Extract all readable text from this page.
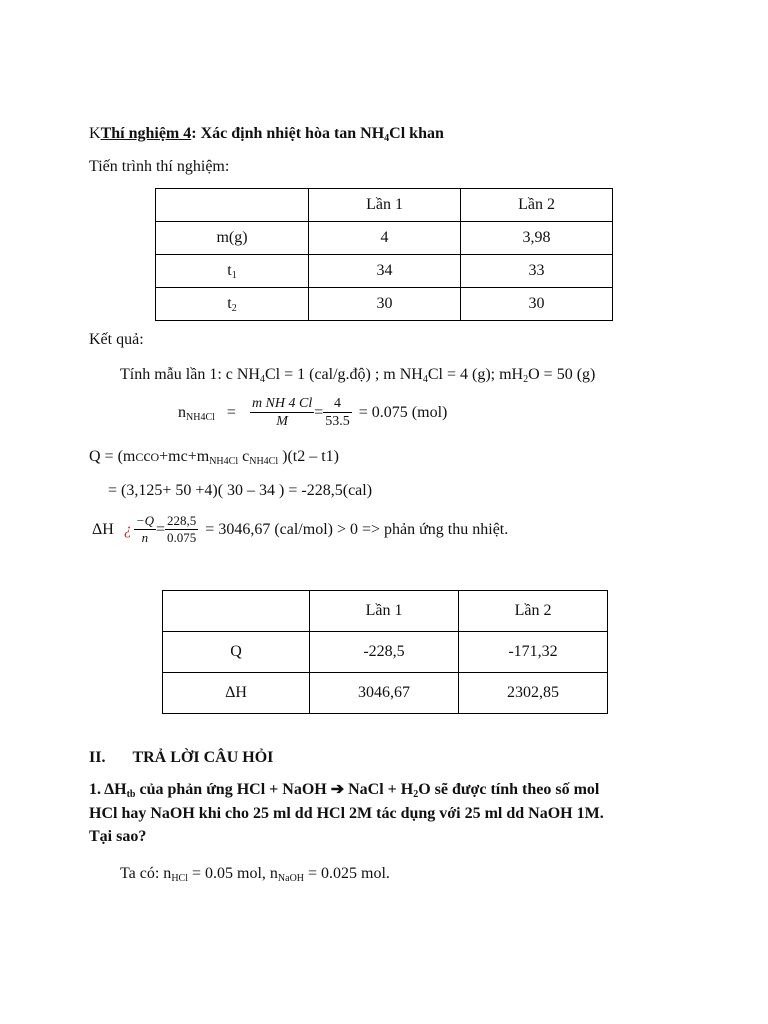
KThí nghiệm 4: Xác định nhiệt hòa $\tan NH_4Cl$ khan
Tiến trình thí nghiệm:
	Lần 1	Lần 2
m(g)	4	3,98
$t_1$	34	33
$t_2$	30	30
Kết quả:
Tính mẫu lần 1: c $NH_4Cl = 1$ (cal/g.độ) ; m $NH_4Cl = 4$ (g); $mH_2O = 50$ (g)
$n_{NH4Cl} = \frac{\text{m NH 4 Cl}}{M} = \frac{4}{53.5} = 0.075$ (mol)
$Q = (mCcO+mc+m_{NH4Cl}$ $c_{NH4Cl}$ )(t2 – t1)
= (3,125+ 50 +4)( 30 – 34 ) = -228,5(cal)
ΔH ¿ $\frac{-Q}{n} = \frac{228,5}{0.075} = 3046,67$ (cal/mol) > 0 => phản ứng thu nhiệt.
	Lần 1	Lần 2
Q	-228,5	-171,32
ΔH	3046,67	2302,85
II. TRẢ LỜI CÂU HỎI
1. $\Delta H_{tb}$ của phản ứng HCl + NaOH ➔ NaCl + $H_2O$ sẽ được tính theo số mol
HCl hay NaOH khi cho 25 ml dd HCl 2M tác dụng với 25 ml dd NaOH 1M.
Tại sao?
Ta có: $n_{HCl} = 0.05$ mol, $n_{NaOH} = 0.025$ mol.
